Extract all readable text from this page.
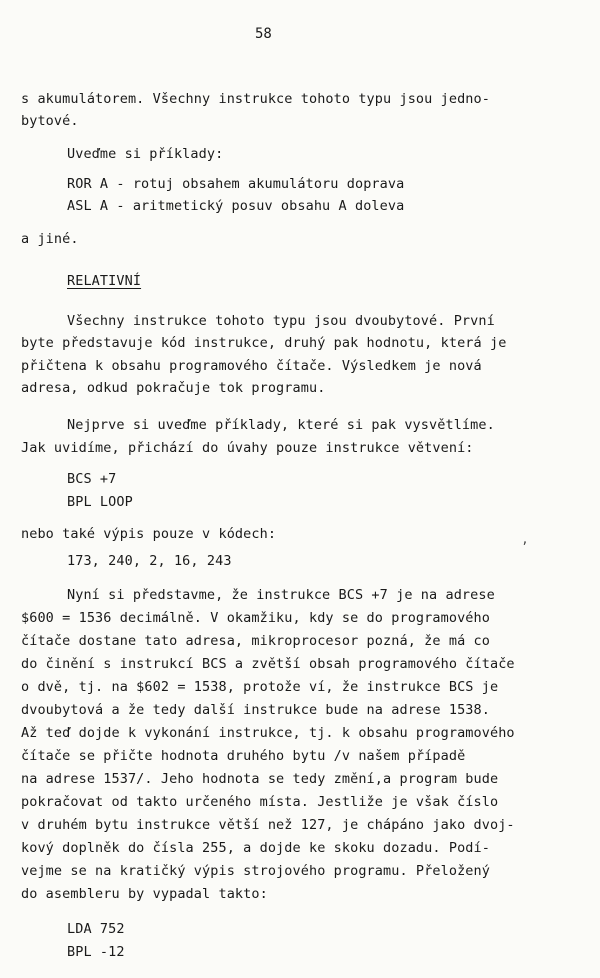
58
s akumulátorem. Všechny instrukce tohoto typu jsou jedno-
bytové.
Uveďme si příklady:
ROR A - rotuj obsahem akumulátoru doprava
ASL A - aritmetický posuv obsahu A doleva
a jiné.
RELATIVNÍ
Všechny instrukce tohoto typu jsou dvoubytové. První
byte představuje kód instrukce, druhý pak hodnotu, která je
přičtena k obsahu programového čítače. Výsledkem je nová
adresa, odkud pokračuje tok programu.
Nejprve si uveďme příklady, které si pak vysvětlíme.
Jak uvidíme, přichází do úvahy pouze instrukce větvení:
BCS +7
BPL LOOP
nebo také výpis pouze v kódech:
173, 240, 2, 16, 243
ʼ
Nyní si představme, že instrukce BCS +7 je na adrese
$600 = 1536 decimálně. V okamžiku, kdy se do programového
čítače dostane tato adresa, mikroprocesor pozná, že má co
do činění s instrukcí BCS a zvětší obsah programového čítače
o dvě, tj. na $602 = 1538, protože ví, že instrukce BCS je
dvoubytová a že tedy další instrukce bude na adrese 1538.
Až teď dojde k vykonání instrukce, tj. k obsahu programového
čítače se přičte hodnota druhého bytu /v našem případě
na adrese 1537/. Jeho hodnota se tedy změní,a program bude
pokračovat od takto určeného místa. Jestliže je však číslo
v druhém bytu instrukce větší než 127, je chápáno jako dvoj-
kový doplněk do čísla 255, a dojde ke skoku dozadu. Podí-
vejme se na kratičký výpis strojového programu. Přeložený
do asembleru by vypadal takto:
LDA 752
BPL -12
